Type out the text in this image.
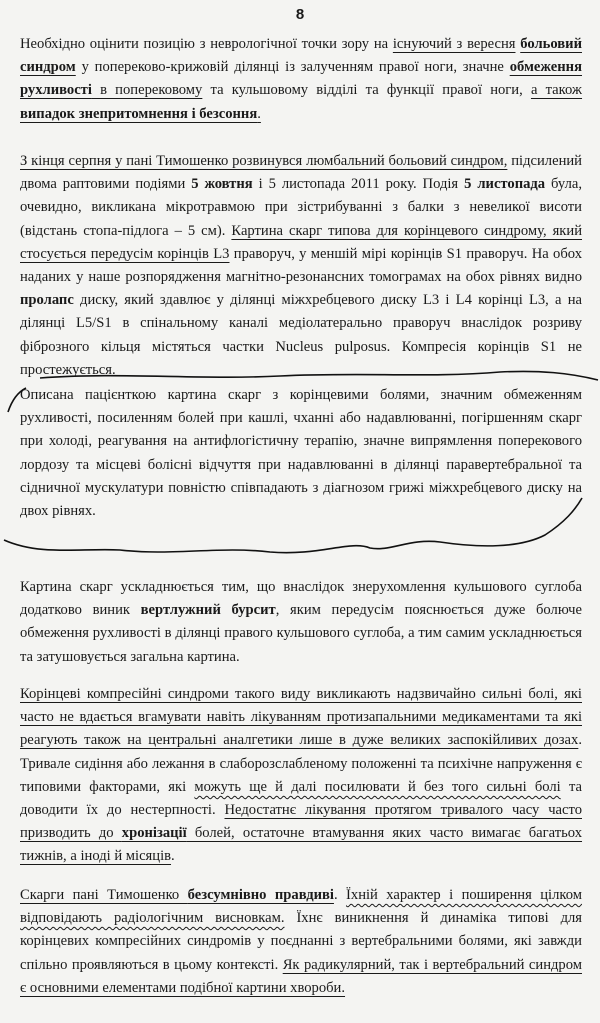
8
Необхідно оцінити позицію з неврологічної точки зору на існуючий з вересня больовий синдром у попереково-крижовій ділянці із залученням правої ноги, значне обмеження рухливості в поперековому та кульшовому відділі та функції правої ноги, а також випадок знепритомнення і безсоння.
З кінця серпня у пані Тимошенко розвинувся люмбальний больовий синдром, підсилений двома раптовими подіями 5 жовтня і 5 листопада 2011 року. Подія 5 листопада була, очевидно, викликана мікротравмою при зістрибуванні з балки з невеликої висоти (відстань стопа-підлога – 5 см). Картина скарг типова для корінцевого синдрому, який стосується передусім корінців L3 праворуч, у меншій мірі корінців S1 праворуч. На обох наданих у наше розпорядження магнітно-резонансних томограмах на обох рівнях видно пролапс диску, який здавлює у ділянці міжхребцевого диску L3 і L4 корінці L3, а на ділянці L5/S1 в спінальному каналі медіолатерально праворуч внаслідок розриву фіброзного кільця містяться частки Nucleus pulposus. Компресія корінців S1 не простежується.
Описана пацієнткою картина скарг з корінцевими болями, значним обмеженням рухливості, посиленням болей при кашлі, чханні або надавлюванні, погіршенням скарг при холоді, реагування на антифлогістичну терапію, значне випрямлення поперекового лордозу та місцеві болісні відчуття при надавлюванні в ділянці паравертебральної та сідничної мускулатури повністю співпадають з діагнозом грижі міжхребцевого диску на двох рівнях.
Картина скарг ускладнюється тим, що внаслідок знерухомлення кульшового суглоба додатково виник вертлужний бурсит, яким передусім пояснюється дуже болюче обмеження рухливості в ділянці правого кульшового суглоба, а тим самим ускладнюється та затушовується загальна картина.
Корінцеві компресійні синдроми такого виду викликають надзвичайно сильні болі, які часто не вдається вгамувати навіть лікуванням протизапальними медикаментами та які реагують також на центральні аналгетики лише в дуже великих заспокійливих дозах. Тривале сидіння або лежання в слаборозслабленому положенні та психічне напруження є типовими факторами, які можуть ще й далі посилювати й без того сильні болі та доводити їх до нестерпності. Недостатнє лікування протягом тривалого часу часто призводить до хронізації болей, остаточне втамування яких часто вимагає багатьох тижнів, а іноді й місяців.
Скарги пані Тимошенко безсумнівно правдиві. Їхній характер і поширення цілком відповідають радіологічним висновкам. Їхнє виникнення й динаміка типові для корінцевих компресійних синдромів у поєднанні з вертебральними болями, які завжди спільно проявляються в цьому контексті. Як радикулярний, так і вертебральний синдром є основними елементами подібної картини хвороби.
